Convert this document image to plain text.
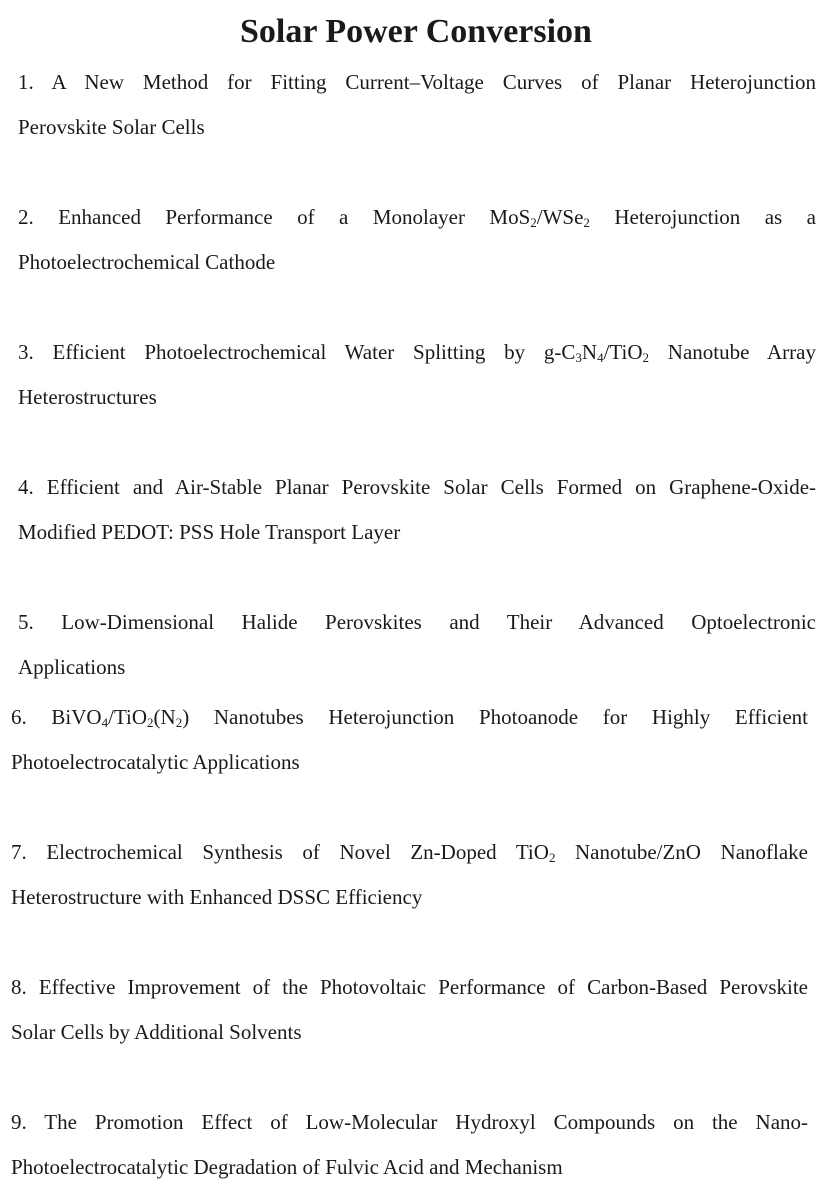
Solar Power Conversion
1. A New Method for Fitting Current–Voltage Curves of Planar Heterojunction
Perovskite Solar Cells
2. Enhanced Performance of a Monolayer MoS$_2$/WSe$_2$ Heterojunction as a
Photoelectrochemical Cathode
3. Efficient Photoelectrochemical Water Splitting by $g-C_3N_4/TiO_2$ Nanotube Array
Heterostructures
4. Efficient and Air-Stable Planar Perovskite Solar Cells Formed on Graphene-Oxide-
Modified PEDOT: PSS Hole Transport Layer
5. Low-Dimensional Halide Perovskites and Their Advanced Optoelectronic
Applications
6. $BiVO_4/TiO_2(N_2)$ Nanotubes Heterojunction Photoanode for Highly Efficient
Photoelectrocatalytic Applications
7. Electrochemical Synthesis of Novel Zn-Doped TiO$_2$ Nanotube/ZnO Nanoflake
Heterostructure with Enhanced DSSC Efficiency
8. Effective Improvement of the Photovoltaic Performance of Carbon-Based Perovskite
Solar Cells by Additional Solvents
9. The Promotion Effect of Low-Molecular Hydroxyl Compounds on the Nano-
Photoelectrocatalytic Degradation of Fulvic Acid and Mechanism
